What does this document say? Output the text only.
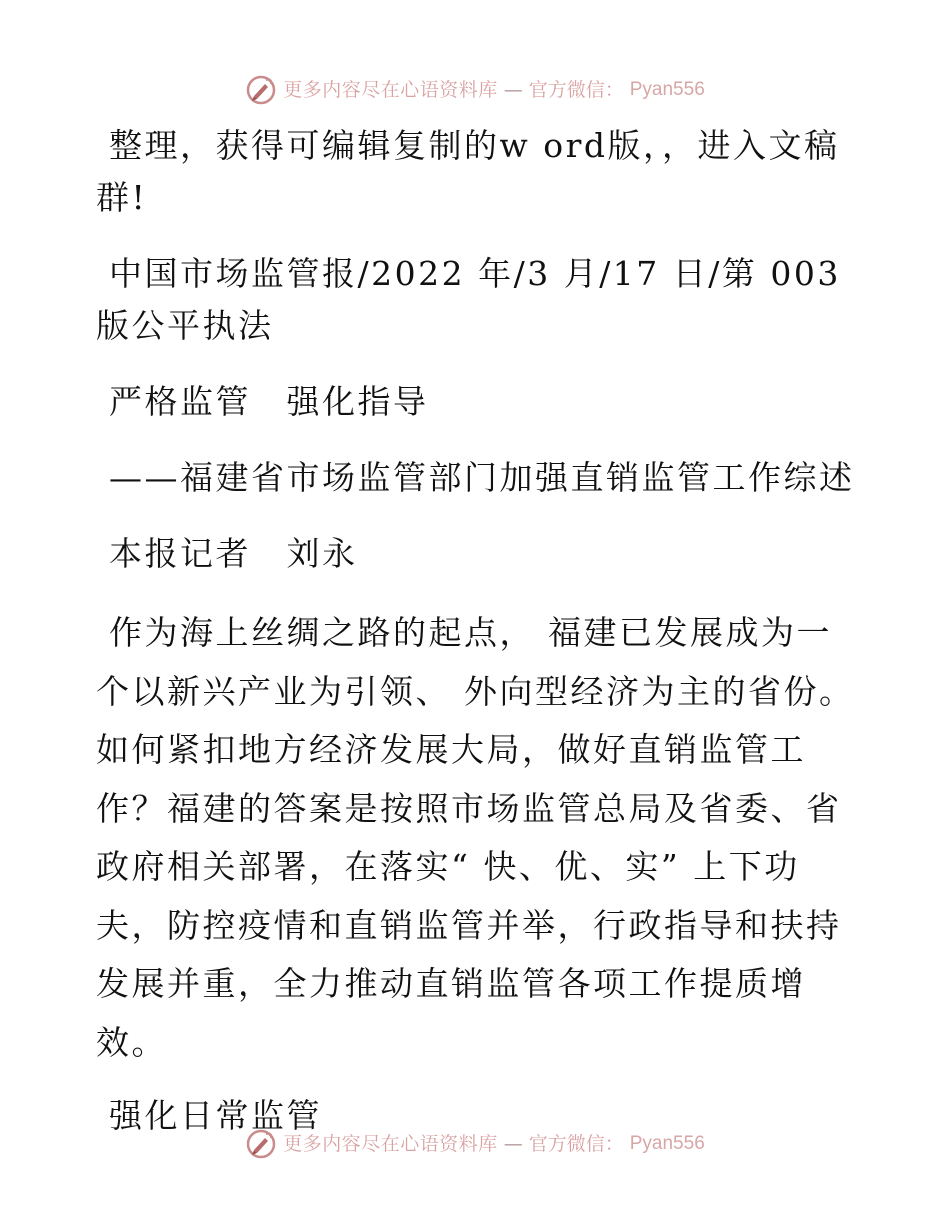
更多内容尽在心语资料库 — 官方微信： Pyan556

整理，获得可编辑复制的w ord版，，进入文稿群!

中国市场监管报/2022 年/3 月/17 日/第 003 版公平执法

严格监管　强化指导

——福建省市场监管部门加强直销监管工作综述

本报记者　刘永

作为海上丝绸之路的起点， 福建已发展成为一个以新兴产业为引领、 外向型经济为主的省份。如何紧扣地方经济发展大局，做好直销监管工作？福建的答案是按照市场监管总局及省委、省政府相关部署，在落实“ 快、优、实” 上下功夫，防控疫情和直销监管并举，行政指导和扶持发展并重，全力推动直销监管各项工作提质增效。

强化日常监管

更多内容尽在心语资料库 — 官方微信： Pyan556
